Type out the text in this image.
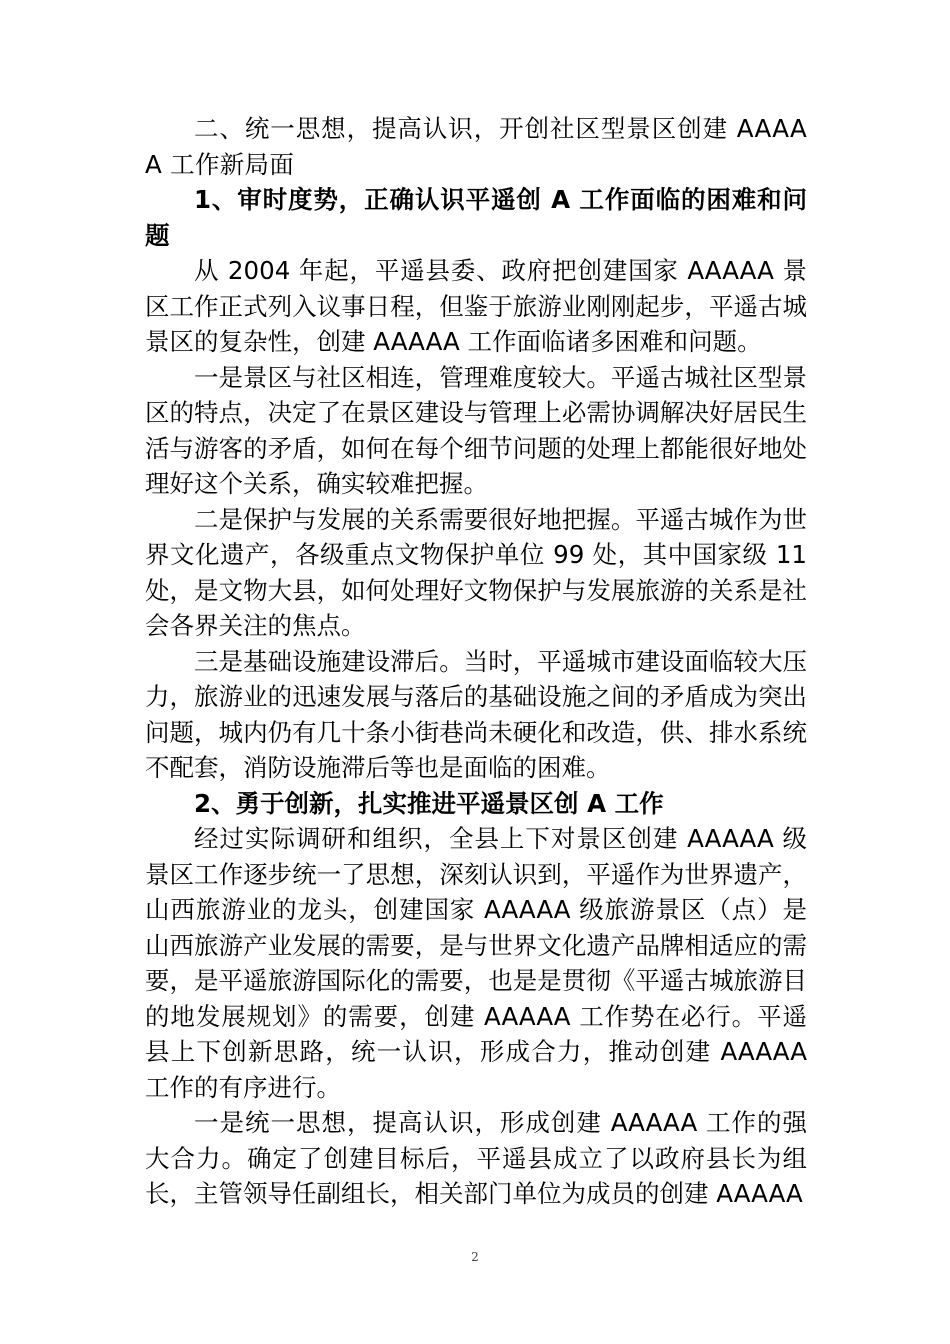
二、统一思想，提高认识，开创社区型景区创建 AAAAA 工作新局面

1、审时度势，正确认识平遥创 A 工作面临的困难和问题

从 2004 年起，平遥县委、政府把创建国家 AAAAA 景区工作正式列入议事日程，但鉴于旅游业刚刚起步，平遥古城景区的复杂性，创建 AAAAA 工作面临诸多困难和问题。

一是景区与社区相连，管理难度较大。平遥古城社区型景区的特点，决定了在景区建设与管理上必需协调解决好居民生活与游客的矛盾，如何在每个细节问题的处理上都能很好地处理好这个关系，确实较难把握。

二是保护与发展的关系需要很好地把握。平遥古城作为世界文化遗产，各级重点文物保护单位 99 处，其中国家级 11 处，是文物大县，如何处理好文物保护与发展旅游的关系是社会各界关注的焦点。

三是基础设施建设滞后。当时，平遥城市建设面临较大压力，旅游业的迅速发展与落后的基础设施之间的矛盾成为突出问题，城内仍有几十条小街巷尚未硬化和改造，供、排水系统不配套，消防设施滞后等也是面临的困难。

2、勇于创新，扎实推进平遥景区创 A 工作

经过实际调研和组织，全县上下对景区创建 AAAAA 级景区工作逐步统一了思想，深刻认识到，平遥作为世界遗产，山西旅游业的龙头，创建国家 AAAAA 级旅游景区（点）是山西旅游产业发展的需要，是与世界文化遗产品牌相适应的需要，是平遥旅游国际化的需要，也是是贯彻《平遥古城旅游目的地发展规划》的需要，创建 AAAAA 工作势在必行。平遥县上下创新思路，统一认识，形成合力，推动创建 AAAAA 工作的有序进行。

一是统一思想，提高认识，形成创建 AAAAA 工作的强大合力。确定了创建目标后，平遥县成立了以政府县长为组长，主管领导任副组长，相关部门单位为成员的创建 AAAAA

2
